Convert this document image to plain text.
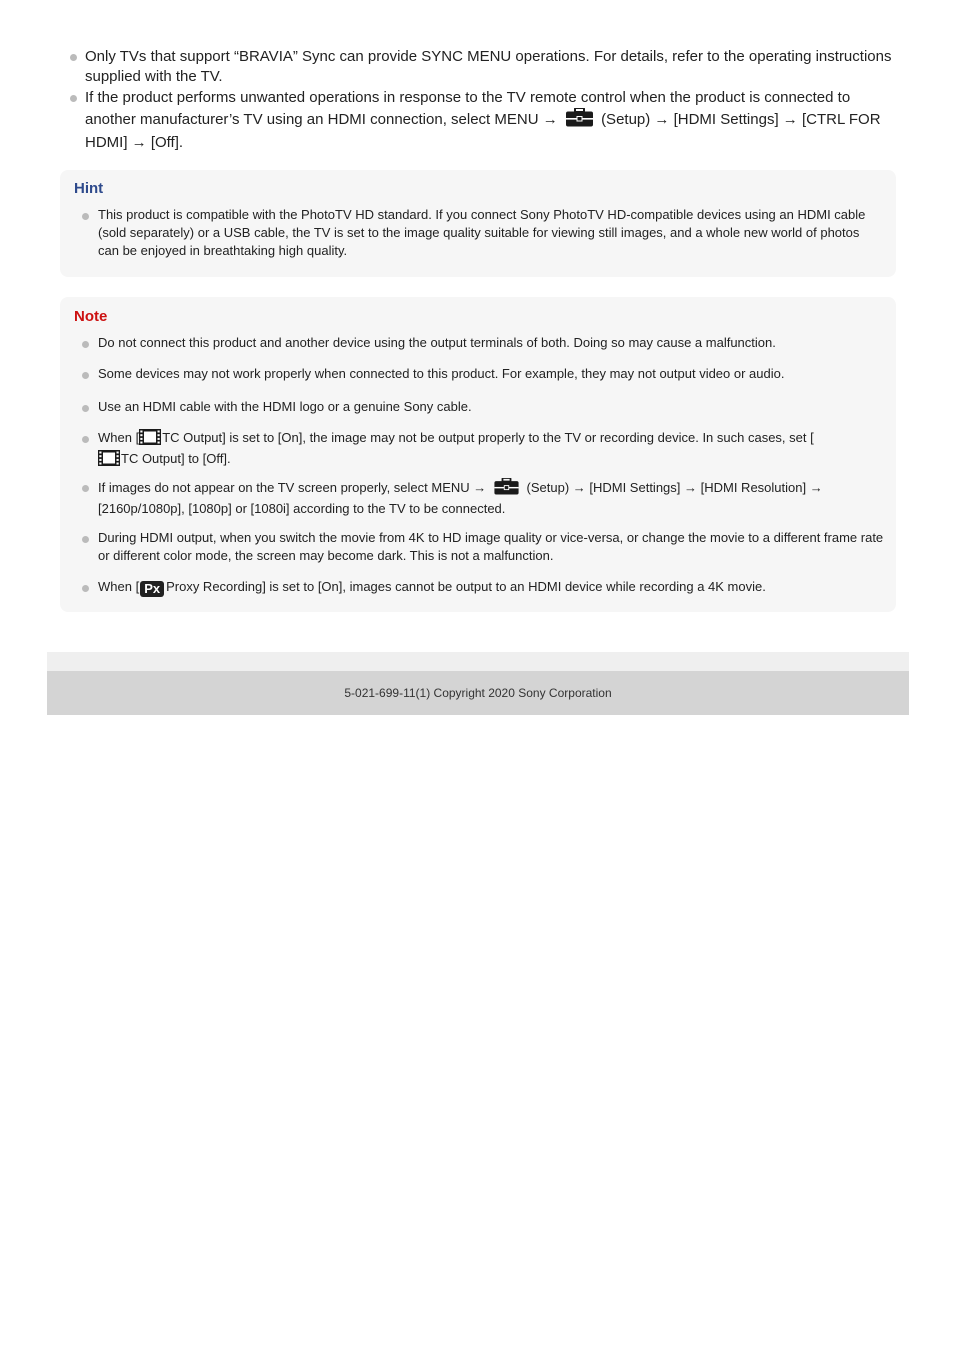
Only TVs that support “BRAVIA” Sync can provide SYNC MENU operations. For details, refer to the operating instructions supplied with the TV.
If the product performs unwanted operations in response to the TV remote control when the product is connected to another manufacturer’s TV using an HDMI connection, select MENU →	(Setup) → [HDMI Settings] → [CTRL FOR HDMI] → [Off].
Hint
This product is compatible with the PhotoTV HD standard. If you connect Sony PhotoTV HD-compatible devices using an HDMI cable (sold separately) or a USB cable, the TV is set to the image quality suitable for viewing still images, and a whole new world of photos can be enjoyed in breathtaking high quality.
Note
Do not connect this product and another device using the output terminals of both. Doing so may cause a malfunction.
Some devices may not work properly when connected to this product. For example, they may not output video or audio.
Use an HDMI cable with the HDMI logo or a genuine Sony cable.
When [ TC Output] is set to [On], the image may not be output properly to the TV or recording device. In such cases, set [
TC Output] to [Off].
If images do not appear on the TV screen properly, select MENU →	(Setup) → [HDMI Settings] → [HDMI Resolution] → [2160p/1080p], [1080p] or [1080i] according to the TV to be connected.
During HDMI output, when you switch the movie from 4K to HD image quality or vice-versa, or change the movie to a different frame rate or different color mode, the screen may become dark. This is not a malfunction.
When [ Px Proxy Recording] is set to [On], images cannot be output to an HDMI device while recording a 4K movie.
5-021-699-11(1) Copyright 2020 Sony Corporation
